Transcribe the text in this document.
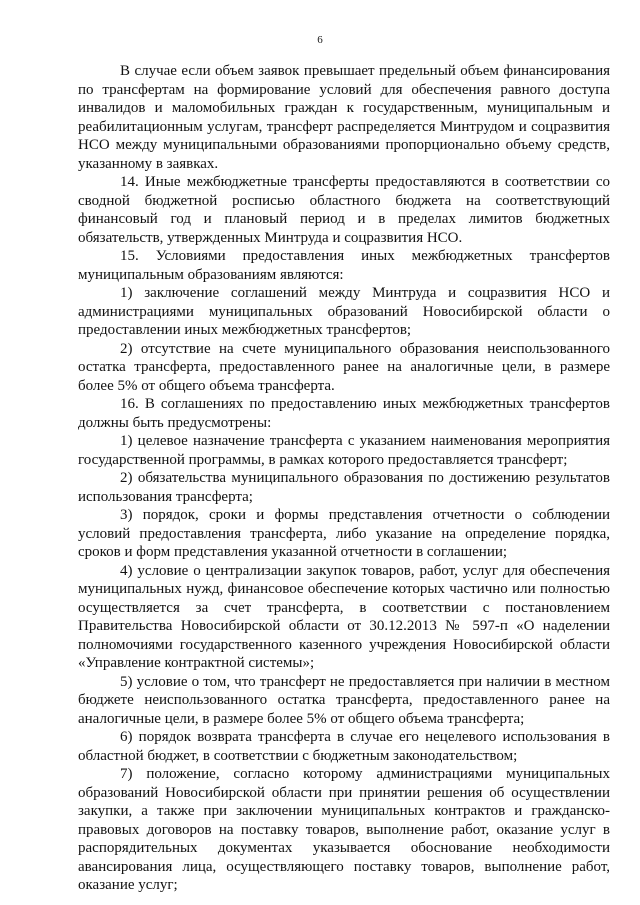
6

В случае если объем заявок превышает предельный объем финансирования по трансфертам на формирование условий для обеспечения равного доступа инвалидов и маломобильных граждан к государственным, муниципальным и реабилитационным услугам, трансферт распределяется Минтрудом и соцразвития НСО между муниципальными образованиями пропорционально объему средств, указанному в заявках.

14. Иные межбюджетные трансферты предоставляются в соответствии со сводной бюджетной росписью областного бюджета на соответствующий финансовый год и плановый период и в пределах лимитов бюджетных обязательств, утвержденных Минтруда и соцразвития НСО.

15. Условиями предоставления иных межбюджетных трансфертов муниципальным образованиям являются:

1) заключение соглашений между Минтруда и соцразвития НСО и администрациями муниципальных образований Новосибирской области о предоставлении иных межбюджетных трансфертов;

2) отсутствие на счете муниципального образования неиспользованного остатка трансферта, предоставленного ранее на аналогичные цели, в размере более 5% от общего объема трансферта.

16. В соглашениях по предоставлению иных межбюджетных трансфертов должны быть предусмотрены:

1) целевое назначение трансферта с указанием наименования мероприятия государственной программы, в рамках которого предоставляется трансферт;

2) обязательства муниципального образования по достижению результатов использования трансферта;

3) порядок, сроки и формы представления отчетности о соблюдении условий предоставления трансферта, либо указание на определение порядка, сроков и форм представления указанной отчетности в соглашении;

4) условие о централизации закупок товаров, работ, услуг для обеспечения муниципальных нужд, финансовое обеспечение которых частично или полностью осуществляется за счет трансферта, в соответствии с постановлением Правительства Новосибирской области от 30.12.2013 № 597-п «О наделении полномочиями государственного казенного учреждения Новосибирской области «Управление контрактной системы»;

5) условие о том, что трансферт не предоставляется при наличии в местном бюджете неиспользованного остатка трансферта, предоставленного ранее на аналогичные цели, в размере более 5% от общего объема трансферта;

6) порядок возврата трансферта в случае его нецелевого использования в областной бюджет, в соответствии с бюджетным законодательством;

7) положение, согласно которому администрациями муниципальных образований Новосибирской области при принятии решения об осуществлении закупки, а также при заключении муниципальных контрактов и гражданско-правовых договоров на поставку товаров, выполнение работ, оказание услуг в распорядительных документах указывается обоснование необходимости авансирования лица, осуществляющего поставку товаров, выполнение работ, оказание услуг;
